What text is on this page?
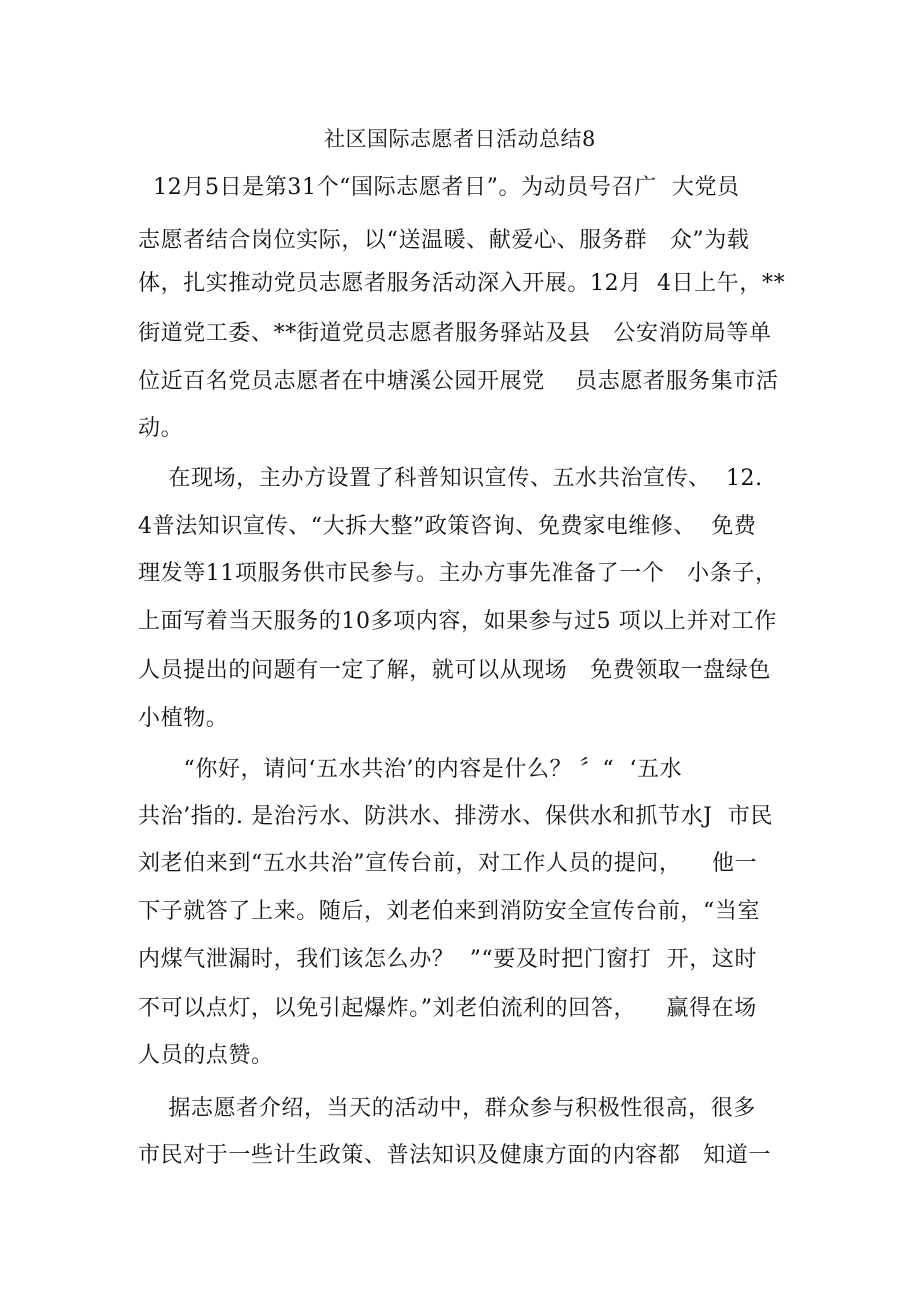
社区国际志愿者日活动总结8
12月5日是第31个“国际志愿者日”。为动员号召广  大党员
志愿者结合岗位实际，以“送温暖、献爱心、服务群   众”为载
体，扎实推动党员志愿者服务活动深入开展。12月  4日上午，**
街道党工委、**街道党员志愿者服务驿站及县   公安消防局等单
位近百名党员志愿者在中塘溪公园开展党    员志愿者服务集市活
动。
在现场，主办方设置了科普知识宣传、五水共治宣传、  12.
4普法知识宣传、“大拆大整”政策咨询、免费家电维修、  免费
理发等11项服务供市民参与。主办方事先准备了一个   小条子，
上面写着当天服务的10多项内容，如果参与过5 项以上并对工作
人员提出的问题有一定了解，就可以从现场   免费领取一盘绿色
小植物。
“你好，请问‘五水共治’的内容是什么？ 〞“  ‘五水
共治’指的. 是治污水、防洪水、排涝水、保供水和抓节水J  市民
刘老伯来到“五水共治”宣传台前，对工作人员的提问，    他一
下子就答了上来。随后，刘老伯来到消防安全宣传台前，“当室
内煤气泄漏时，我们该怎么办？  ”“要及时把门窗打  开，这时
不可以点灯，以免引起爆炸。”刘老伯流利的回答，    赢得在场
人员的点赞。
据志愿者介绍，当天的活动中，群众参与积极性很高，很多
市民对于一些计生政策、普法知识及健康方面的内容都   知道一
